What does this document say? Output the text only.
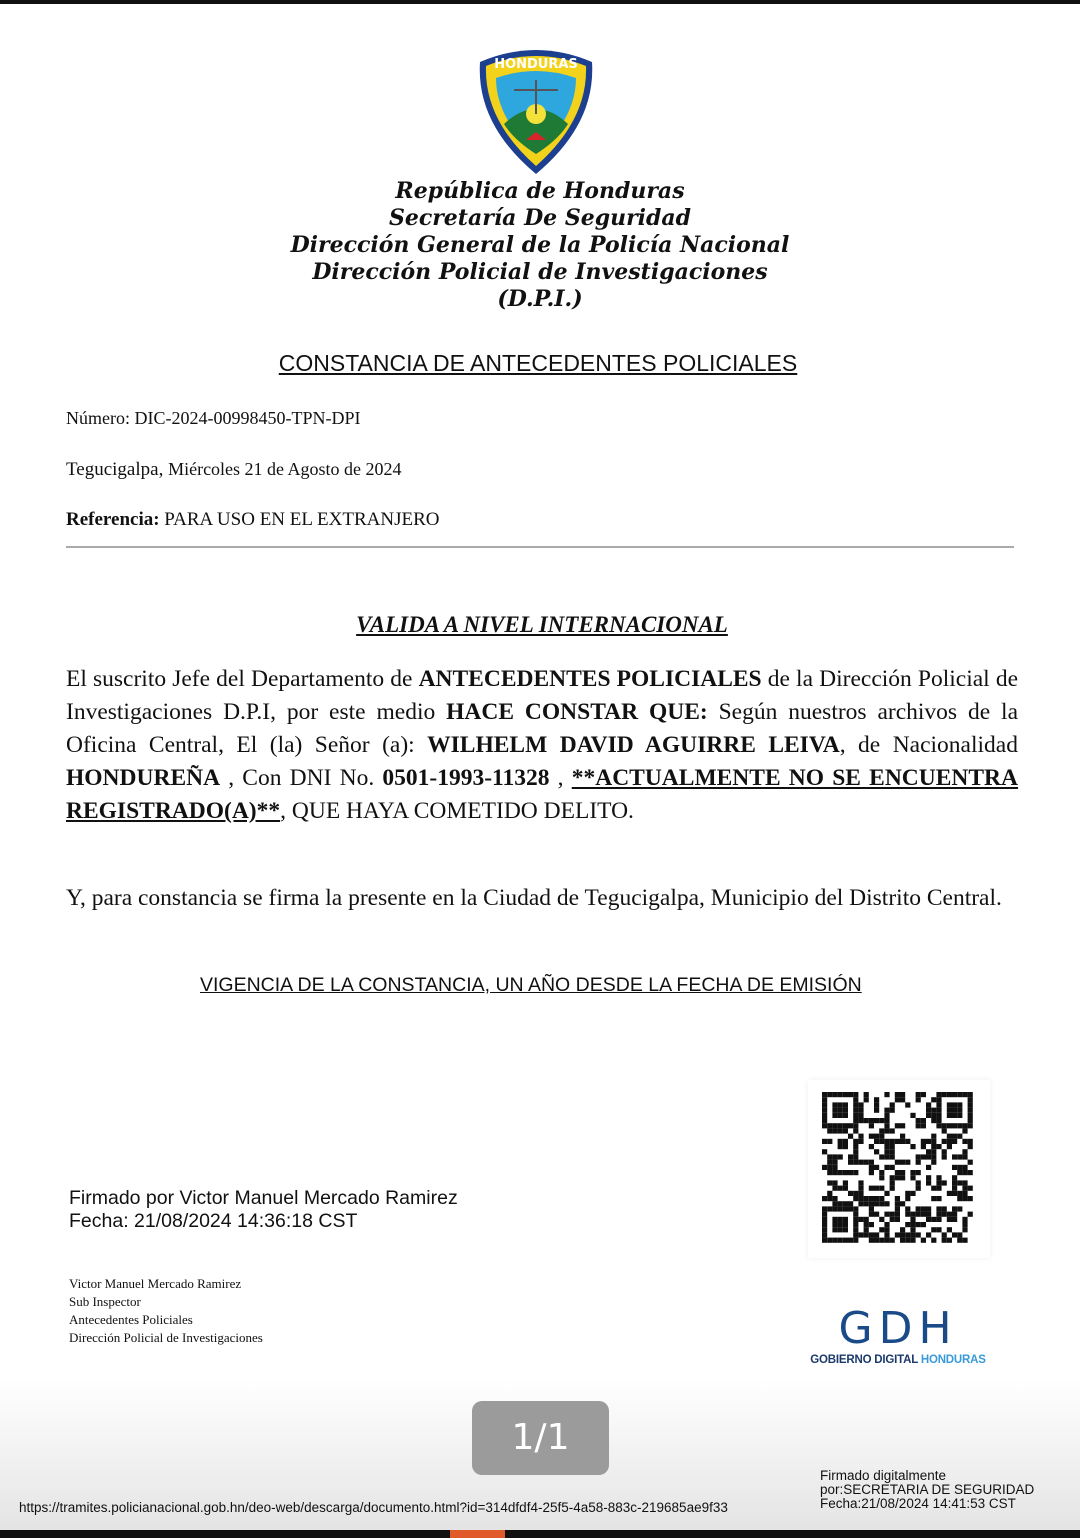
HONDURAS
República de Honduras
Secretaría De Seguridad
Dirección General de la Policía Nacional
Dirección Policial de Investigaciones
(D.P.I.)
CONSTANCIA DE ANTECEDENTES POLICIALES
Número: DIC-2024-00998450-TPN-DPI
Tegucigalpa, Miércoles 21 de Agosto de 2024
Referencia: PARA USO EN EL EXTRANJERO
VALIDA A NIVEL INTERNACIONAL
El suscrito Jefe del Departamento de ANTECEDENTES POLICIALES de la Dirección Policial de Investigaciones D.P.I, por este medio HACE CONSTAR QUE: Según nuestros archivos de la Oficina Central, El (la) Señor (a): WILHELM DAVID AGUIRRE LEIVA, de Nacionalidad HONDUREÑA , Con DNI No. 0501-1993-11328 , **ACTUALMENTE NO SE ENCUENTRA REGISTRADO(A)**, QUE HAYA COMETIDO DELITO.
Y, para constancia se firma la presente en la Ciudad de Tegucigalpa, Municipio del Distrito Central.
VIGENCIA DE LA CONSTANCIA, UN AÑO DESDE LA FECHA DE EMISIÓN
Firmado por Victor Manuel Mercado Ramirez
Fecha: 21/08/2024 14:36:18 CST
Victor Manuel Mercado Ramirez
Sub Inspector
Antecedentes Policiales
Dirección Policial de Investigaciones	GDH
GOBIERNO DIGITAL HONDURAS
1/1
https://tramites.policianacional.gob.hn/deo-web/descarga/documento.html?id=314dfdf4-25f5-4a58-883c-219685ae9f33
Firmado digitalmente
por:SECRETARIA DE SEGURIDAD
Fecha:21/08/2024 14:41:53 CST
